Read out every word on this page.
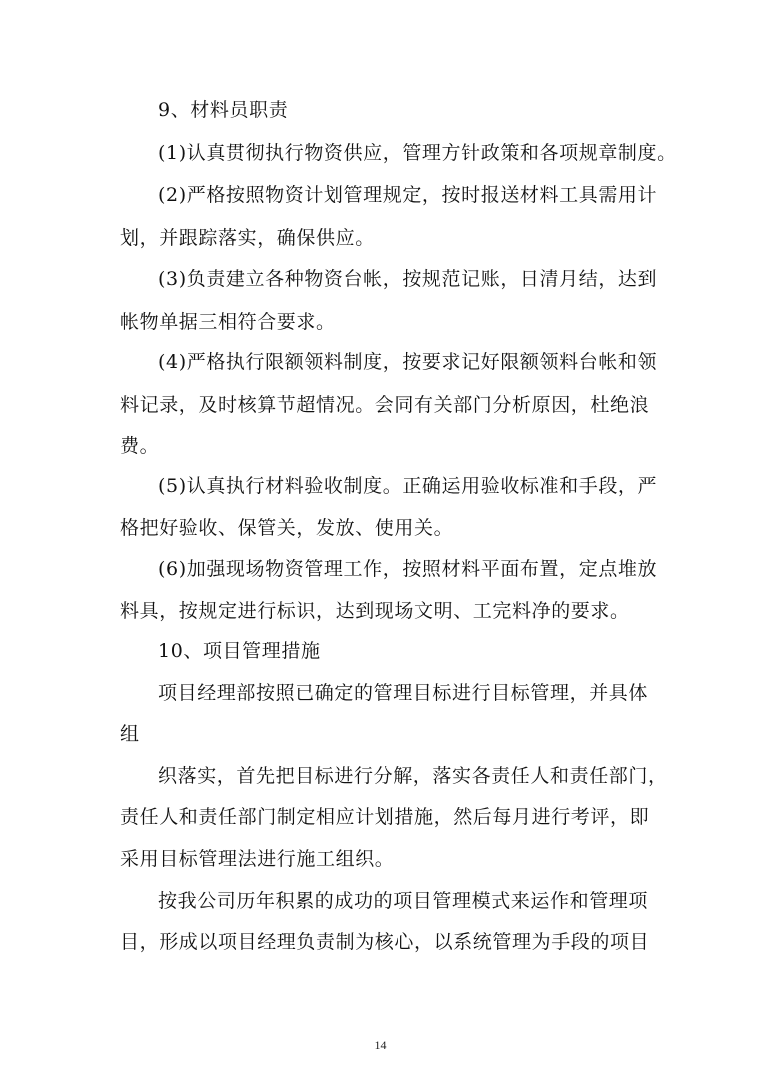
9、材料员职责
(1)认真贯彻执行物资供应，管理方针政策和各项规章制度。
(2)严格按照物资计划管理规定，按时报送材料工具需用计
划，并跟踪落实，确保供应。
(3)负责建立各种物资台帐，按规范记账，日清月结，达到
帐物单据三相符合要求。
(4)严格执行限额领料制度，按要求记好限额领料台帐和领
料记录，及时核算节超情况。会同有关部门分析原因，杜绝浪
费。
(5)认真执行材料验收制度。正确运用验收标准和手段，严
格把好验收、保管关，发放、使用关。
(6)加强现场物资管理工作，按照材料平面布置，定点堆放
料具，按规定进行标识，达到现场文明、工完料净的要求。
10、项目管理措施
项目经理部按照已确定的管理目标进行目标管理，并具体
组
织落实，首先把目标进行分解，落实各责任人和责任部门，
责任人和责任部门制定相应计划措施，然后每月进行考评，即
采用目标管理法进行施工组织。
按我公司历年积累的成功的项目管理模式来运作和管理项
目，形成以项目经理负责制为核心，以系统管理为手段的项目
14
